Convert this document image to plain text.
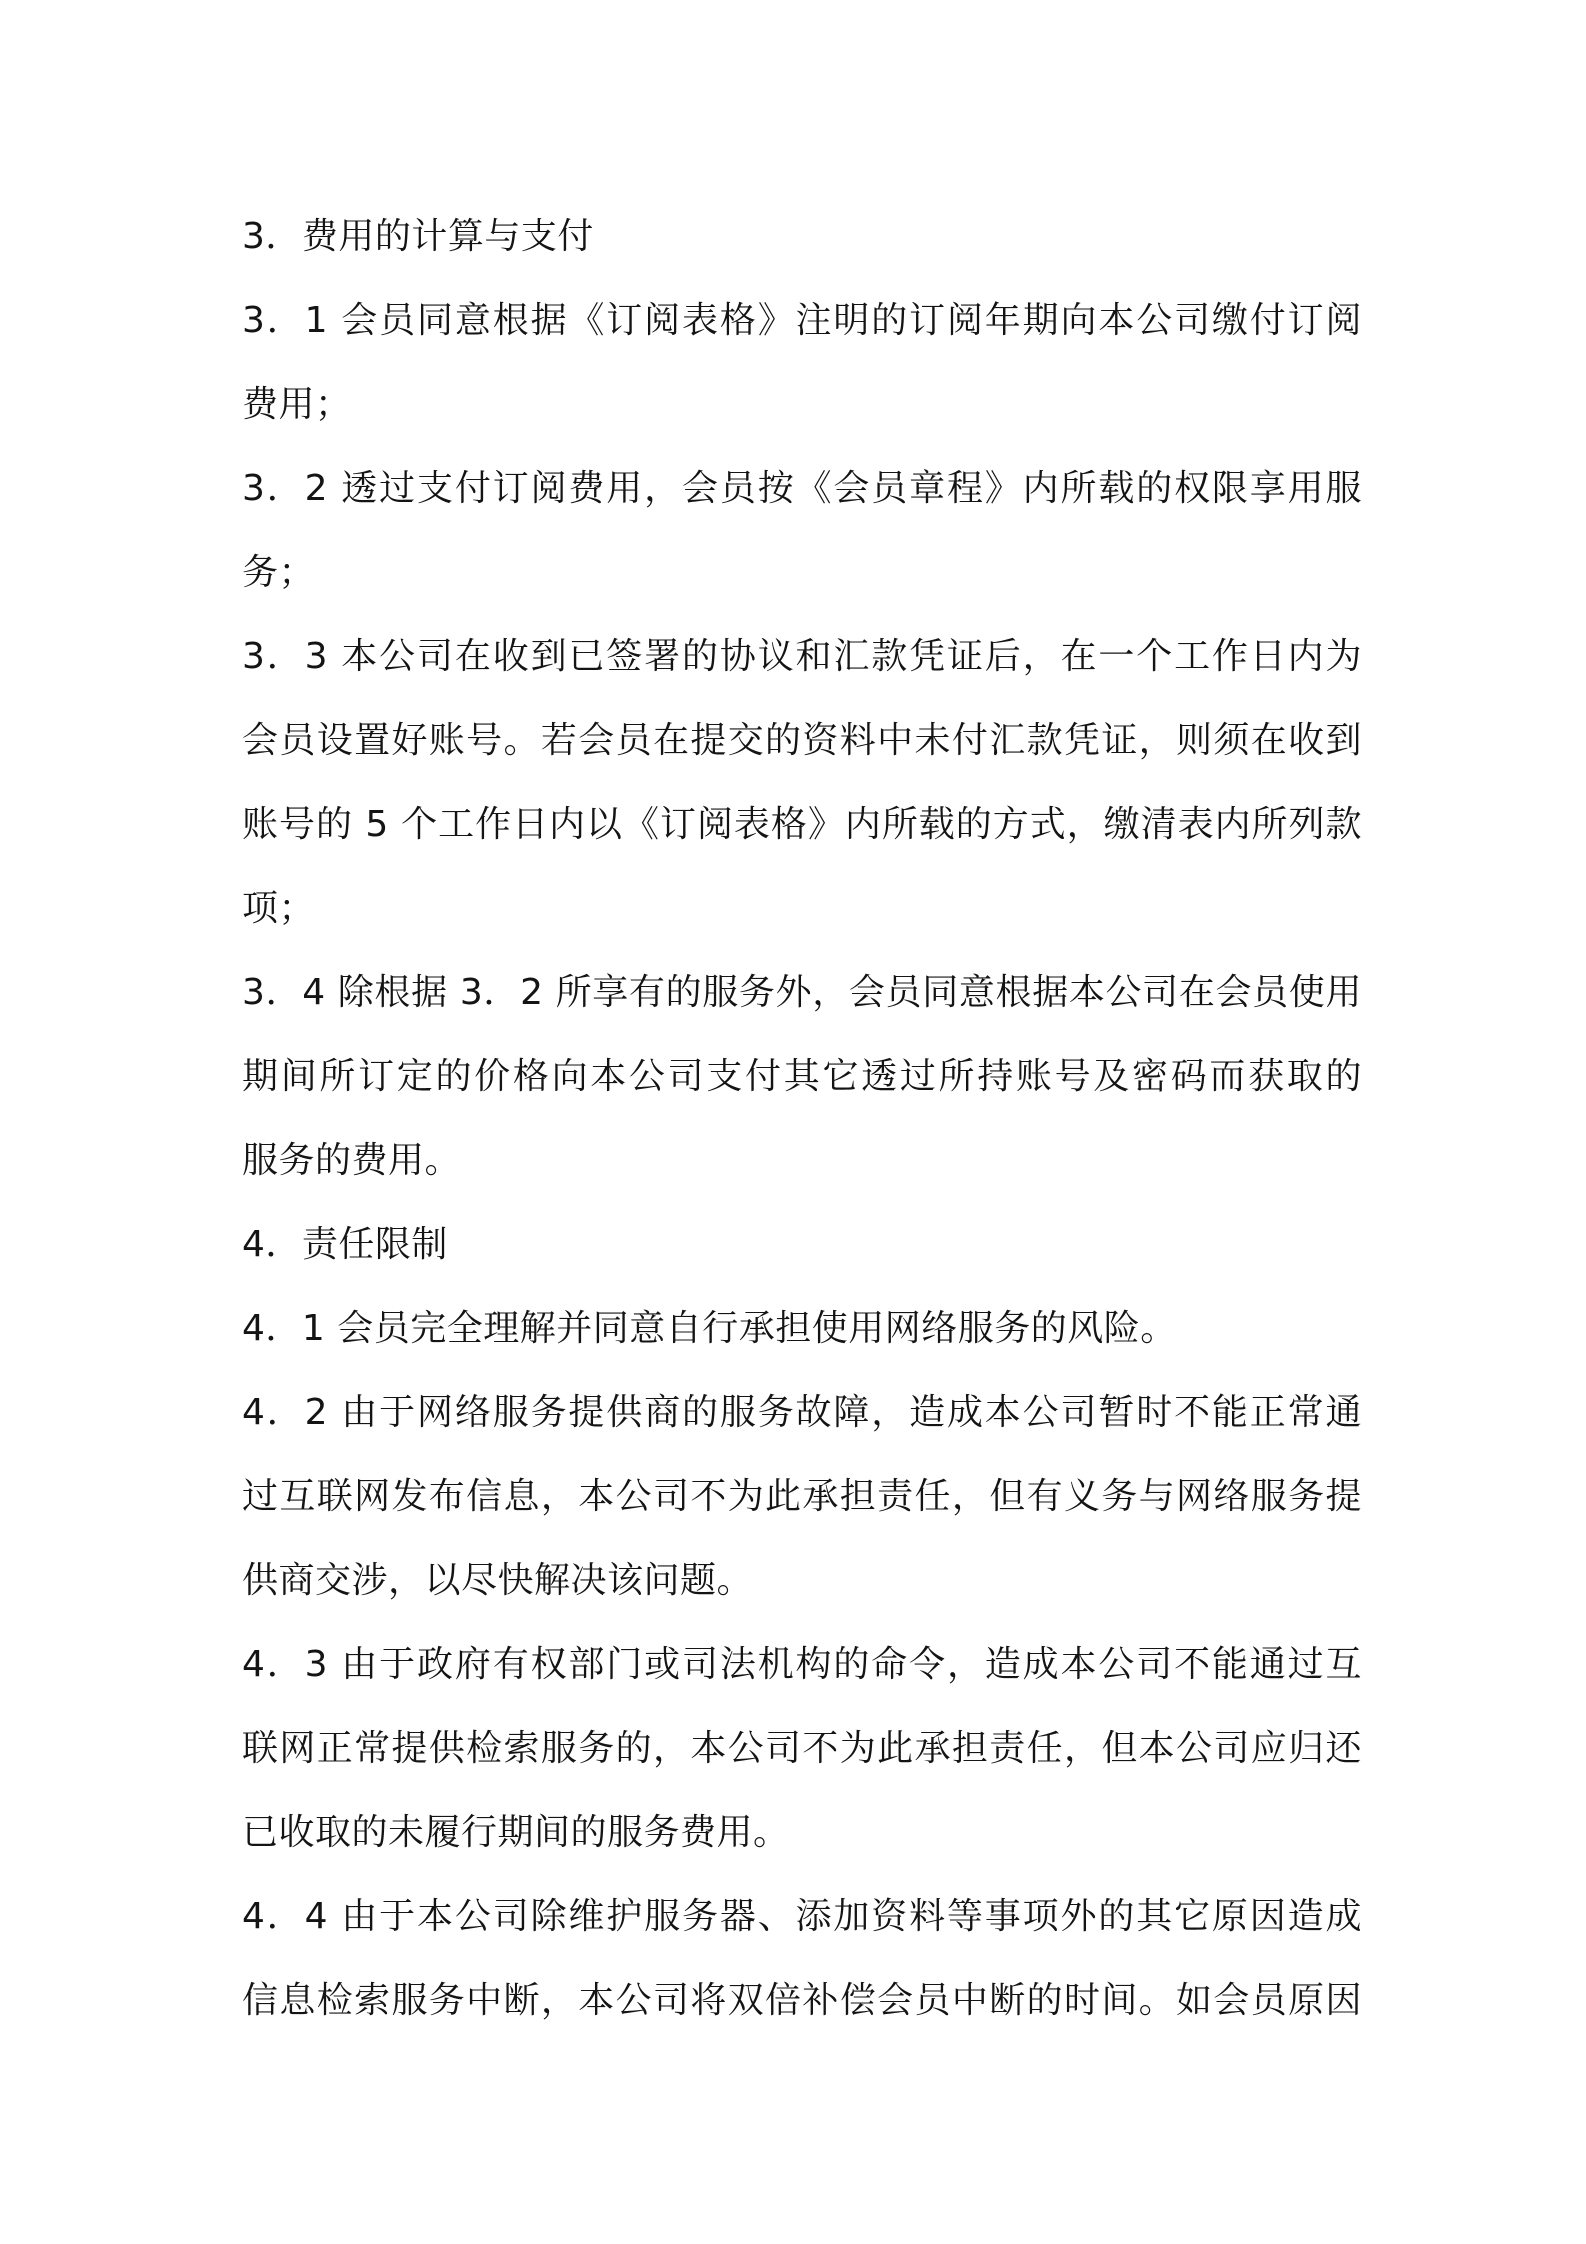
3．费用的计算与支付
3．1 会员同意根据《订阅表格》注明的订阅年期向本公司缴付订阅
费用；
3．2 透过支付订阅费用，会员按《会员章程》内所载的权限享用服
务；
3．3 本公司在收到已签署的协议和汇款凭证后，在一个工作日内为
会员设置好账号。若会员在提交的资料中未付汇款凭证，则须在收到
账号的 5 个工作日内以《订阅表格》内所载的方式，缴清表内所列款
项；
3．4 除根据 3．2 所享有的服务外，会员同意根据本公司在会员使用
期间所订定的价格向本公司支付其它透过所持账号及密码而获取的
服务的费用。
4．责任限制
4．1 会员完全理解并同意自行承担使用网络服务的风险。
4．2 由于网络服务提供商的服务故障，造成本公司暂时不能正常通
过互联网发布信息，本公司不为此承担责任，但有义务与网络服务提
供商交涉，以尽快解决该问题。
4．3 由于政府有权部门或司法机构的命令，造成本公司不能通过互
联网正常提供检索服务的，本公司不为此承担责任，但本公司应归还
已收取的未履行期间的服务费用。
4．4 由于本公司除维护服务器、添加资料等事项外的其它原因造成
信息检索服务中断，本公司将双倍补偿会员中断的时间。如会员原因
